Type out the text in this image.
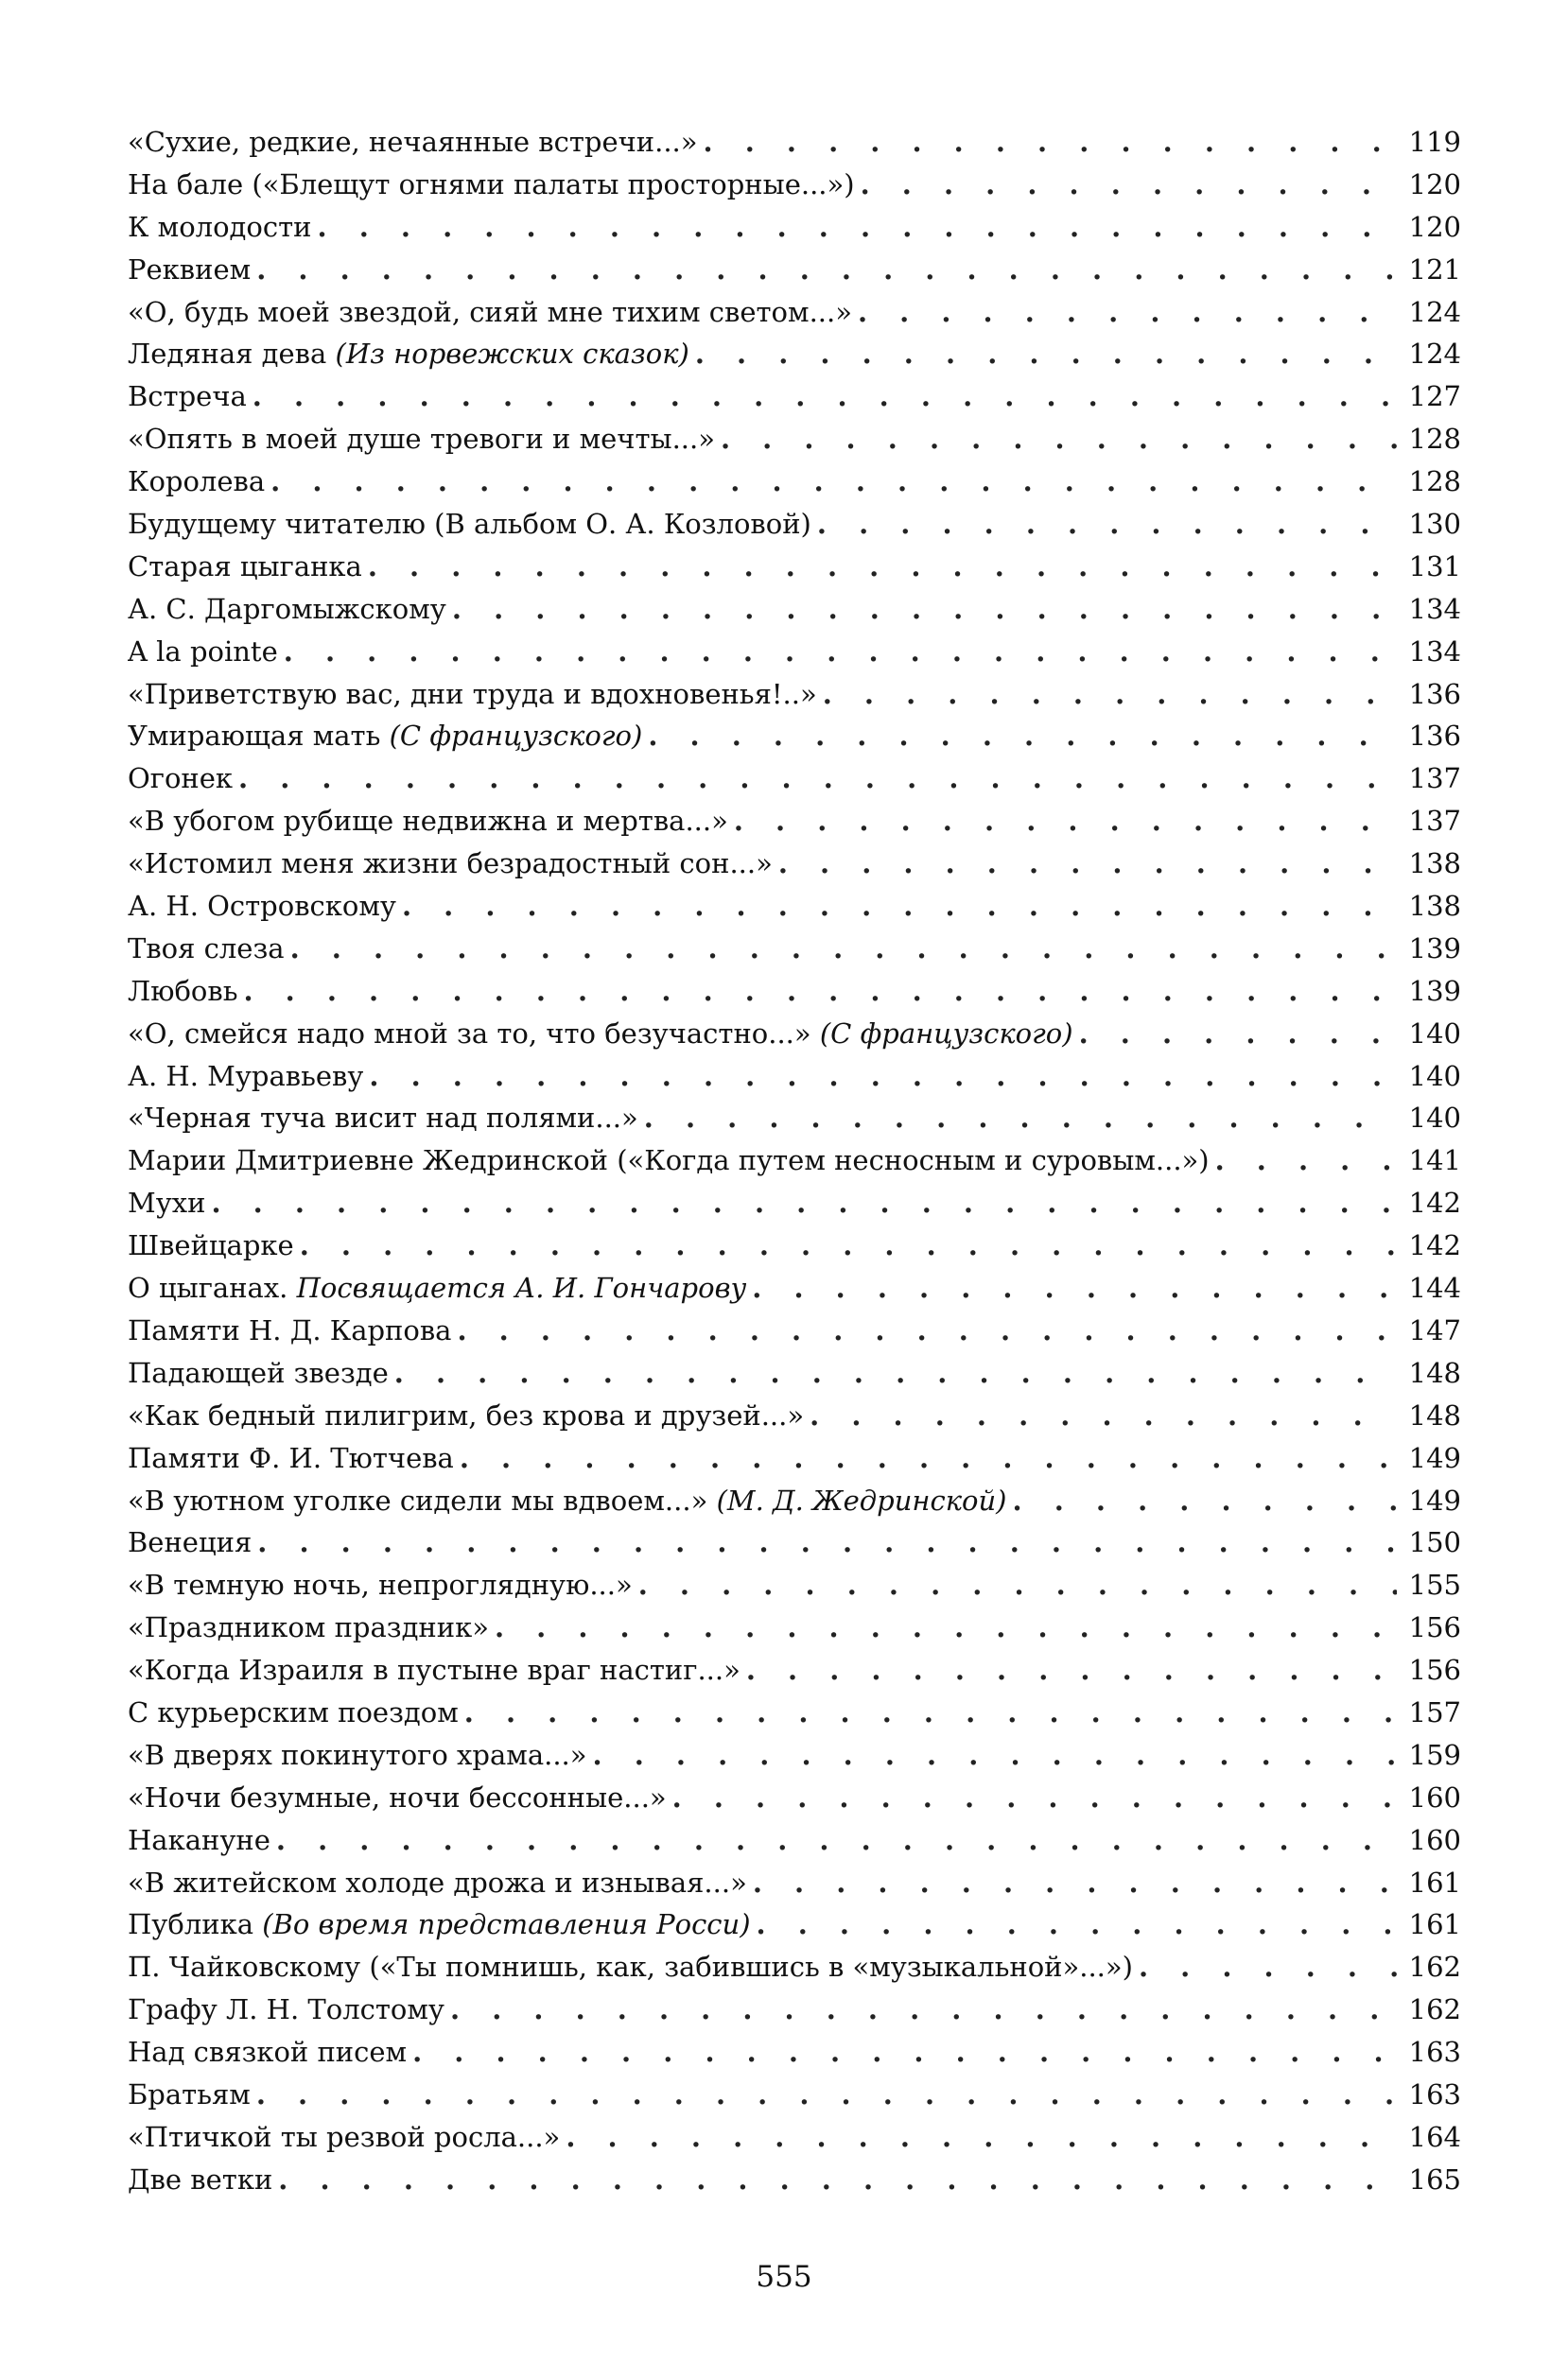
«Сухие, редкие, нечаянные встречи...» . . .	119
На бале («Блещут огнями палаты просторные...») . . .	120
К молодости . . .	120
Реквием . . .	121
«О, будь моей звездой, сияй мне тихим светом...» . . .	124
Ледяная дева (Из норвежских сказок) . . .	124
Встреча . . .	127
«Опять в моей душе тревоги и мечты...» . . .	128
Королева . . .	128
Будущему читателю (В альбом О. А. Козловой) . . .	130
Старая цыганка . . .	131
А. С. Даргомыжскому . . .	134
A la pointe . . .	134
«Приветствую вас, дни труда и вдохновенья!..» . . .	136
Умирающая мать (С французского) . . .	136
Огонек . . .	137
«В убогом рубище недвижна и мертва...» . . .	137
«Истомил меня жизни безрадостный сон...» . . .	138
А. Н. Островскому . . .	138
Твоя слеза . . .	139
Любовь . . .	139
«О, смейся надо мной за то, что безучастно...» (С французского) . . .	140
А. Н. Муравьеву . . .	140
«Черная туча висит над полями...» . . .	140
Марии Дмитриевне Жедринской («Когда путем несносным и суровым...») . . .	141
Мухи . . .	142
Швейцарке . . .	142
О цыганах. Посвящается А. И. Гончарову . . .	144
Памяти Н. Д. Карпова . . .	147
Падающей звезде . . .	148
«Как бедный пилигрим, без крова и друзей...» . . .	148
Памяти Ф. И. Тютчева . . .	149
«В уютном уголке сидели мы вдвоем...» (М. Д. Жедринской) . . .	149
Венеция . . .	150
«В темную ночь, непроглядную...» . . .	155
«Праздником праздник» . . .	156
«Когда Израиля в пустыне враг настиг...» . . .	156
С курьерским поездом . . .	157
«В дверях покинутого храма...» . . .	159
«Ночи безумные, ночи бессонные...» . . .	160
Накануне . . .	160
«В житейском холоде дрожа и изнывая...» . . .	161
Публика (Во время представления Росси) . . .	161
П. Чайковскому («Ты помнишь, как, забившись в «музыкальной»...») . . .	162
Графу Л. Н. Толстому . . .	162
Над связкой писем . . .	163
Братьям . . .	163
«Птичкой ты резвой росла...» . . .	164
Две ветки . . .	165
555
